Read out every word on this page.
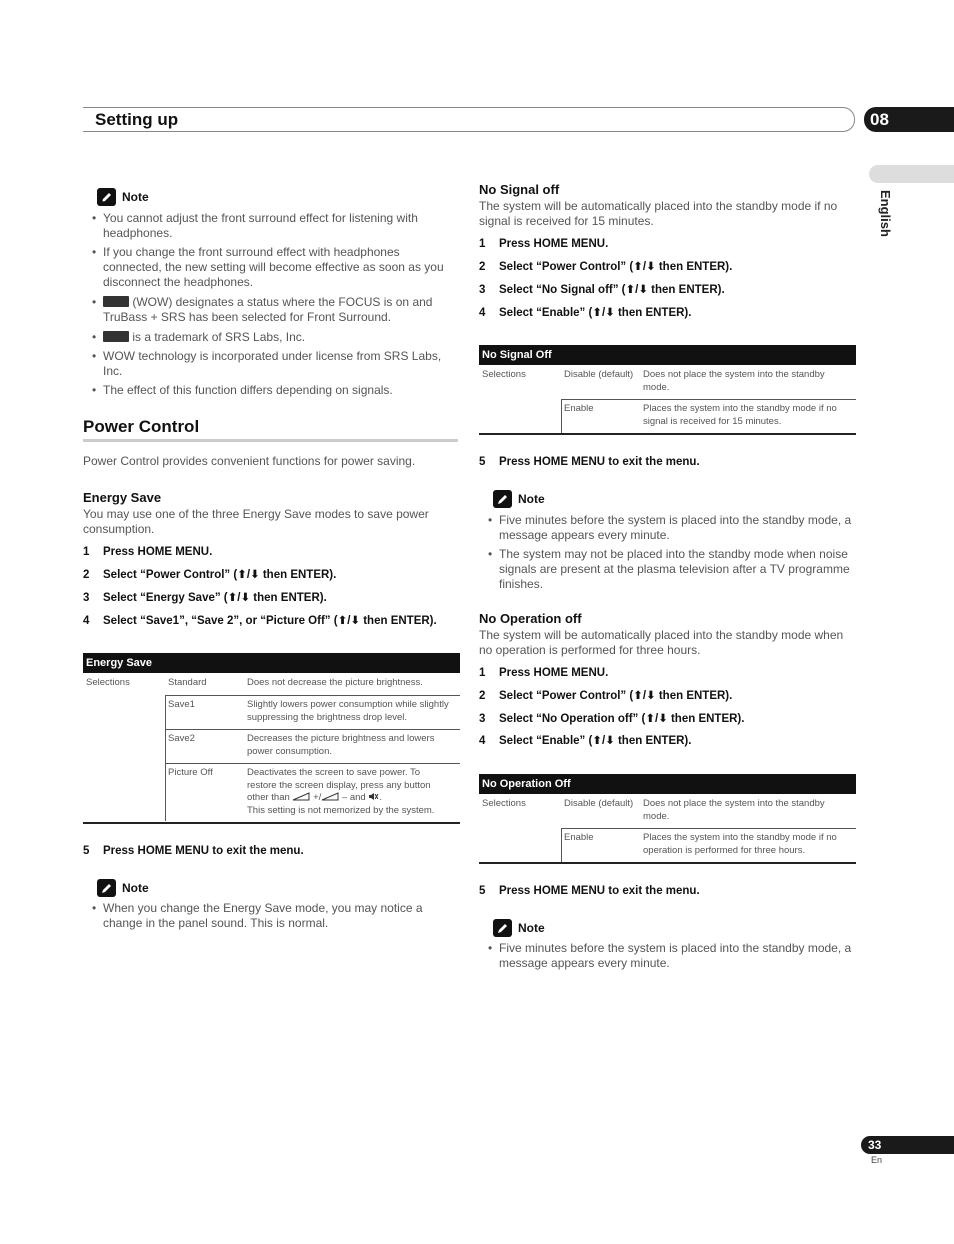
Setting up	08
English
Note
• You cannot adjust the front surround effect for listening with headphones.
• If you change the front surround effect with headphones connected, the new setting will become effective as soon as you disconnect the headphones.
• (WOW) designates a status where the FOCUS is on and TruBass + SRS has been selected for Front Surround.
• is a trademark of SRS Labs, Inc.
• WOW technology is incorporated under license from SRS Labs, Inc.
• The effect of this function differs depending on signals.
Power Control
Power Control provides convenient functions for power saving.
Energy Save
You may use one of the three Energy Save modes to save power consumption.
1	Press HOME MENU.
2	Select “Power Control” (⬆/⬇ then ENTER).
3	Select “Energy Save” (⬆/⬇ then ENTER).
4	Select “Save1”, “Save 2”, or “Picture Off” (⬆/⬇ then ENTER).
Energy Save
Selections	Standard	Does not decrease the picture brightness.
Save1	Slightly lowers power consumption while slightly suppressing the brightness drop level.
Save2	Decreases the picture brightness and lowers power consumption.
Picture Off	Deactivates the screen to save power. To restore the screen display, press any button other than +/ – and .
This setting is not memorized by the system.
5	Press HOME MENU to exit the menu.
Note
• When you change the Energy Save mode, you may notice a change in the panel sound. This is normal.
No Signal off
The system will be automatically placed into the standby mode if no signal is received for 15 minutes.
1	Press HOME MENU.
2	Select “Power Control” (⬆/⬇ then ENTER).
3	Select “No Signal off” (⬆/⬇ then ENTER).
4	Select “Enable” (⬆/⬇ then ENTER).
No Signal Off
Selections	Disable (default) Does not place the system into the standby mode.
Enable	Places the system into the standby mode if no signal is received for 15 minutes.
5	Press HOME MENU to exit the menu.
Note
• Five minutes before the system is placed into the standby mode, a message appears every minute.
• The system may not be placed into the standby mode when noise signals are present at the plasma television after a TV programme finishes.
No Operation off
The system will be automatically placed into the standby mode when no operation is performed for three hours.
1	Press HOME MENU.
2	Select “Power Control” (⬆/⬇ then ENTER).
3	Select “No Operation off” (⬆/⬇ then ENTER).
4	Select “Enable” (⬆/⬇ then ENTER).
No Operation Off
Selections	Disable (default) Does not place the system into the standby mode.
Enable	Places the system into the standby mode if no operation is performed for three hours.
5	Press HOME MENU to exit the menu.
Note
• Five minutes before the system is placed into the standby mode, a message appears every minute.
33
En
